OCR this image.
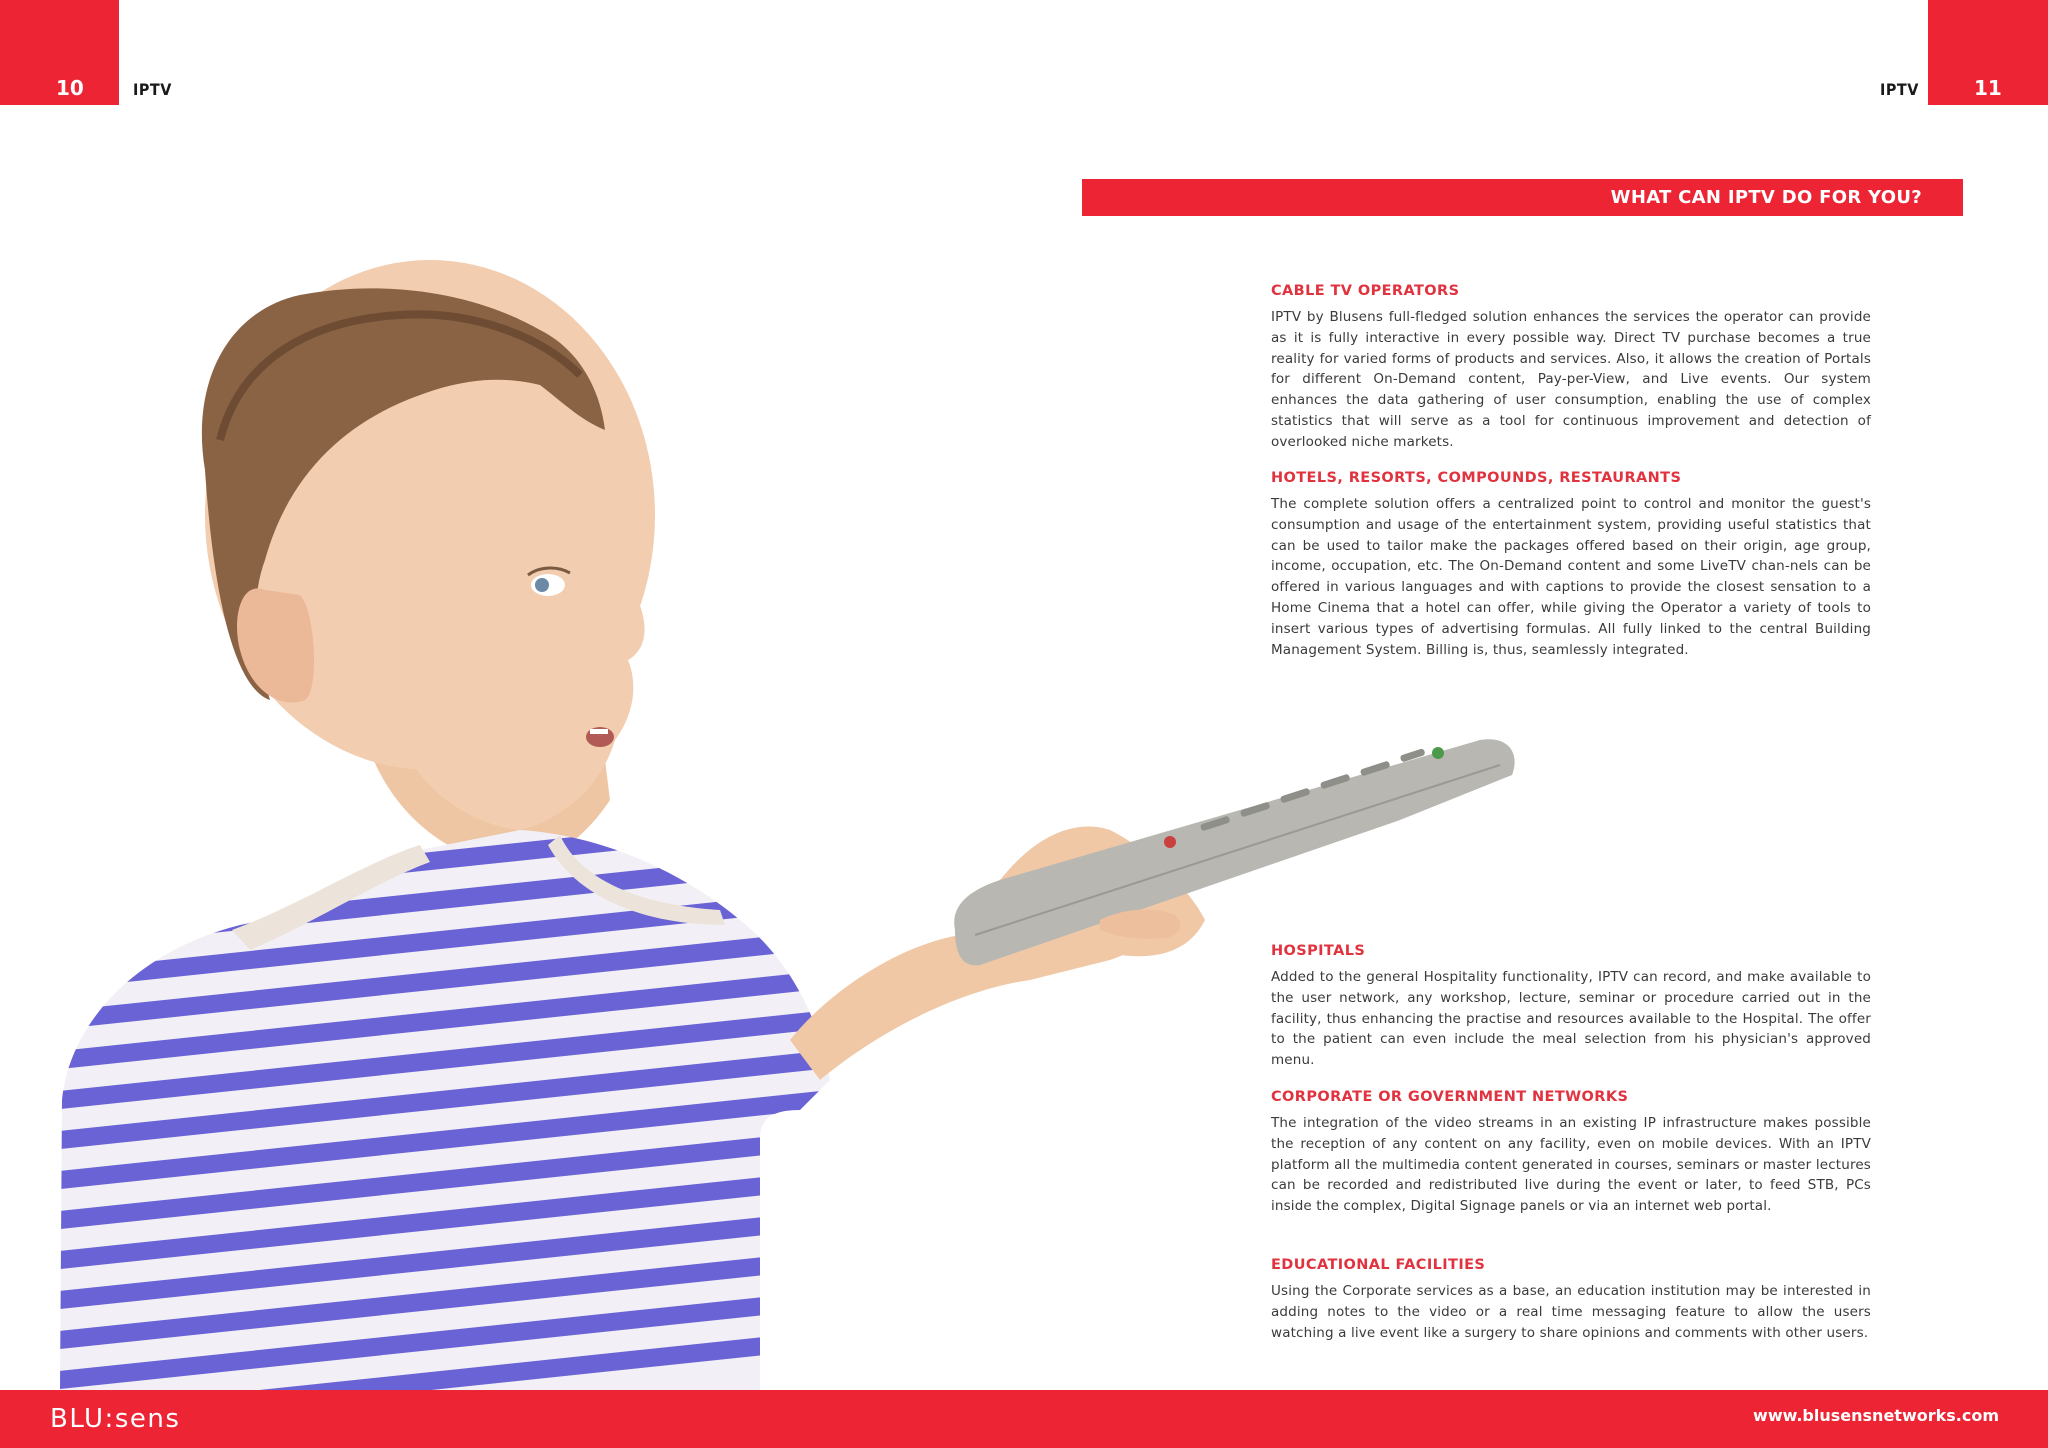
10	IPTV	11
IPTV
WHAT CAN IPTV DO FOR YOU?

CABLE TV OPERATORS

IPTV by Blusens full-fledged solution enhances the services the operator can provide as it is fully interactive in every possible way. Direct TV purchase becomes a true reality for varied forms of products and services. Also, it allows the creation of Portals for different On-Demand content, Pay-per-View, and Live events. Our system enhances the data gathering of user consumption, enabling the use of complex statistics that will serve as a tool for continuous improvement and detection of overlooked niche markets.

HOTELS, RESORTS, COMPOUNDS, RESTAURANTS

The complete solution offers a centralized point to control and monitor the guest's consumption and usage of the entertainment system, providing useful statistics that can be used to tailor make the packages offered based on their origin, age group, income, occupation, etc. The On-Demand content and some LiveTV chan-nels can be offered in various languages and with captions to provide the closest sensation to a Home Cinema that a hotel can offer, while giving the Operator a variety of tools to insert various types of advertising formulas. All fully linked to the central Building Management System. Billing is, thus, seamlessly integrated.

HOSPITALS

Added to the general Hospitality functionality, IPTV can record, and make available to the user network, any workshop, lecture, seminar or procedure carried out in the facility, thus enhancing the practise and resources available to the Hospital. The offer to the patient can even include the meal selection from his physician's approved menu.

CORPORATE OR GOVERNMENT NETWORKS

The integration of the video streams in an existing IP infrastructure makes possible the reception of any content on any facility, even on mobile devices. With an IPTV platform all the multimedia content generated in courses, seminars or master lectures can be recorded and redistributed live during the event or later, to feed STB, PCs inside the complex, Digital Signage panels or via an internet web portal.

EDUCATIONAL FACILITIES

Using the Corporate services as a base, an education institution may be interested in adding notes to the video or a real time messaging feature to allow the users watching a live event like a surgery to share opinions and comments with other users.

BLU:sens	www.blusensnetworks.com
